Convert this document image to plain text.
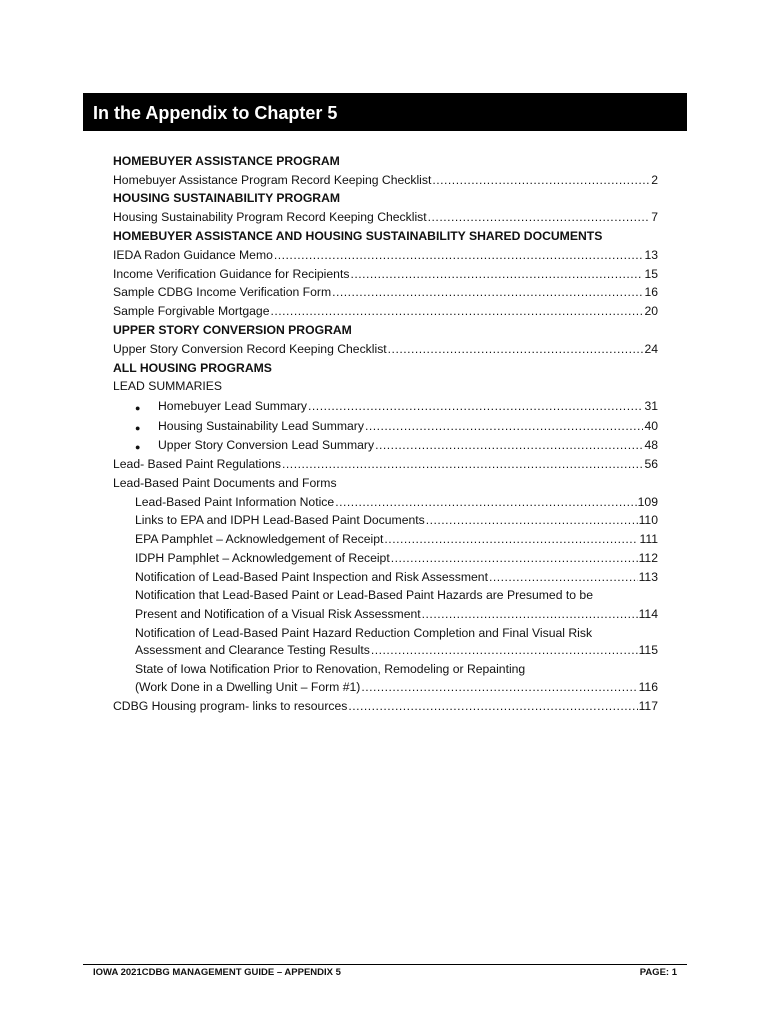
In the Appendix to Chapter 5
HOMEBUYER ASSISTANCE PROGRAM
Homebuyer Assistance Program Record Keeping Checklist .....	2
HOUSING SUSTAINABILITY PROGRAM
Housing Sustainability Program Record Keeping Checklist .....	7
HOMEBUYER ASSISTANCE AND HOUSING SUSTAINABILITY SHARED DOCUMENTS
IEDA Radon Guidance Memo .....	13
Income Verification Guidance for Recipients .....	15
Sample CDBG Income Verification Form .....	16
Sample Forgivable Mortgage .....	20
UPPER STORY CONVERSION PROGRAM
Upper Story Conversion Record Keeping Checklist .....	24
ALL HOUSING PROGRAMS
LEAD SUMMARIES
●	Homebuyer Lead Summary .....	31
●	Housing Sustainability Lead Summary .....	40
●	Upper Story Conversion Lead Summary .....	48
Lead- Based Paint Regulations .....	56
Lead-Based Paint Documents and Forms
Lead-Based Paint Information Notice .....	109
Links to EPA and IDPH Lead-Based Paint Documents .....	110
EPA Pamphlet – Acknowledgement of Receipt .....	111
IDPH Pamphlet – Acknowledgement of Receipt .....	112
Notification of Lead-Based Paint Inspection and Risk Assessment .....	113
Notification that Lead-Based Paint or Lead-Based Paint Hazards are Presumed to be
Present and Notification of a Visual Risk Assessment .....	114
Notification of Lead-Based Paint Hazard Reduction Completion and Final Visual Risk
Assessment and Clearance Testing Results .....	115
State of Iowa Notification Prior to Renovation, Remodeling or Repainting
(Work Done in a Dwelling Unit – Form #1) .....	116
CDBG Housing program- links to resources .....	117
IOWA 2021CDBG MANAGEMENT GUIDE – APPENDIX 5	PAGE: 1
